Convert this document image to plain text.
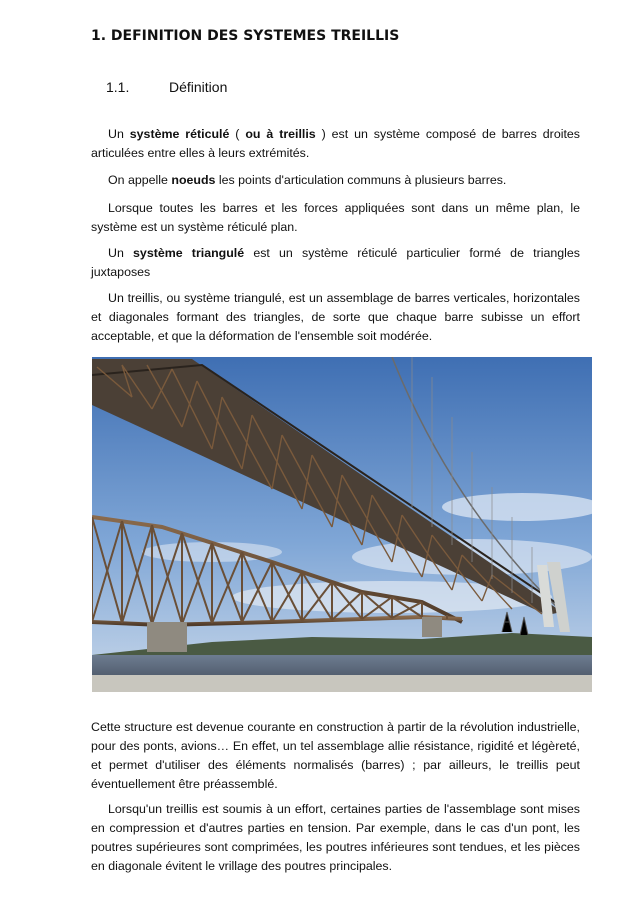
1. DEFINITION DES SYSTEMES TREILLIS
1.1.	Définition

Un système réticulé ( ou à treillis ) est un système composé de barres droites articulées entre elles à leurs extrémités.

On appelle noeuds les points d'articulation communs à plusieurs barres.

Lorsque toutes les barres et les forces appliquées sont dans un même plan, le système est un système réticulé plan.

Un système triangulé est un système réticulé particulier formé de triangles juxtaposes

Un treillis, ou système triangulé, est un assemblage de barres verticales, horizontales et diagonales formant des triangles, de sorte que chaque barre subisse un effort acceptable, et que la déformation de l'ensemble soit modérée.

Cette structure est devenue courante en construction à partir de la révolution industrielle, pour des ponts, avions… En effet, un tel assemblage allie résistance, rigidité et légèreté, et permet d'utiliser des éléments normalisés (barres) ; par ailleurs, le treillis peut éventuellement être préassemblé.

Lorsqu'un treillis est soumis à un effort, certaines parties de l'assemblage sont mises en compression et d'autres parties en tension. Par exemple, dans le cas d'un pont, les poutres supérieures sont comprimées, les poutres inférieures sont tendues, et les pièces en diagonale évitent le vrillage des poutres principales.
